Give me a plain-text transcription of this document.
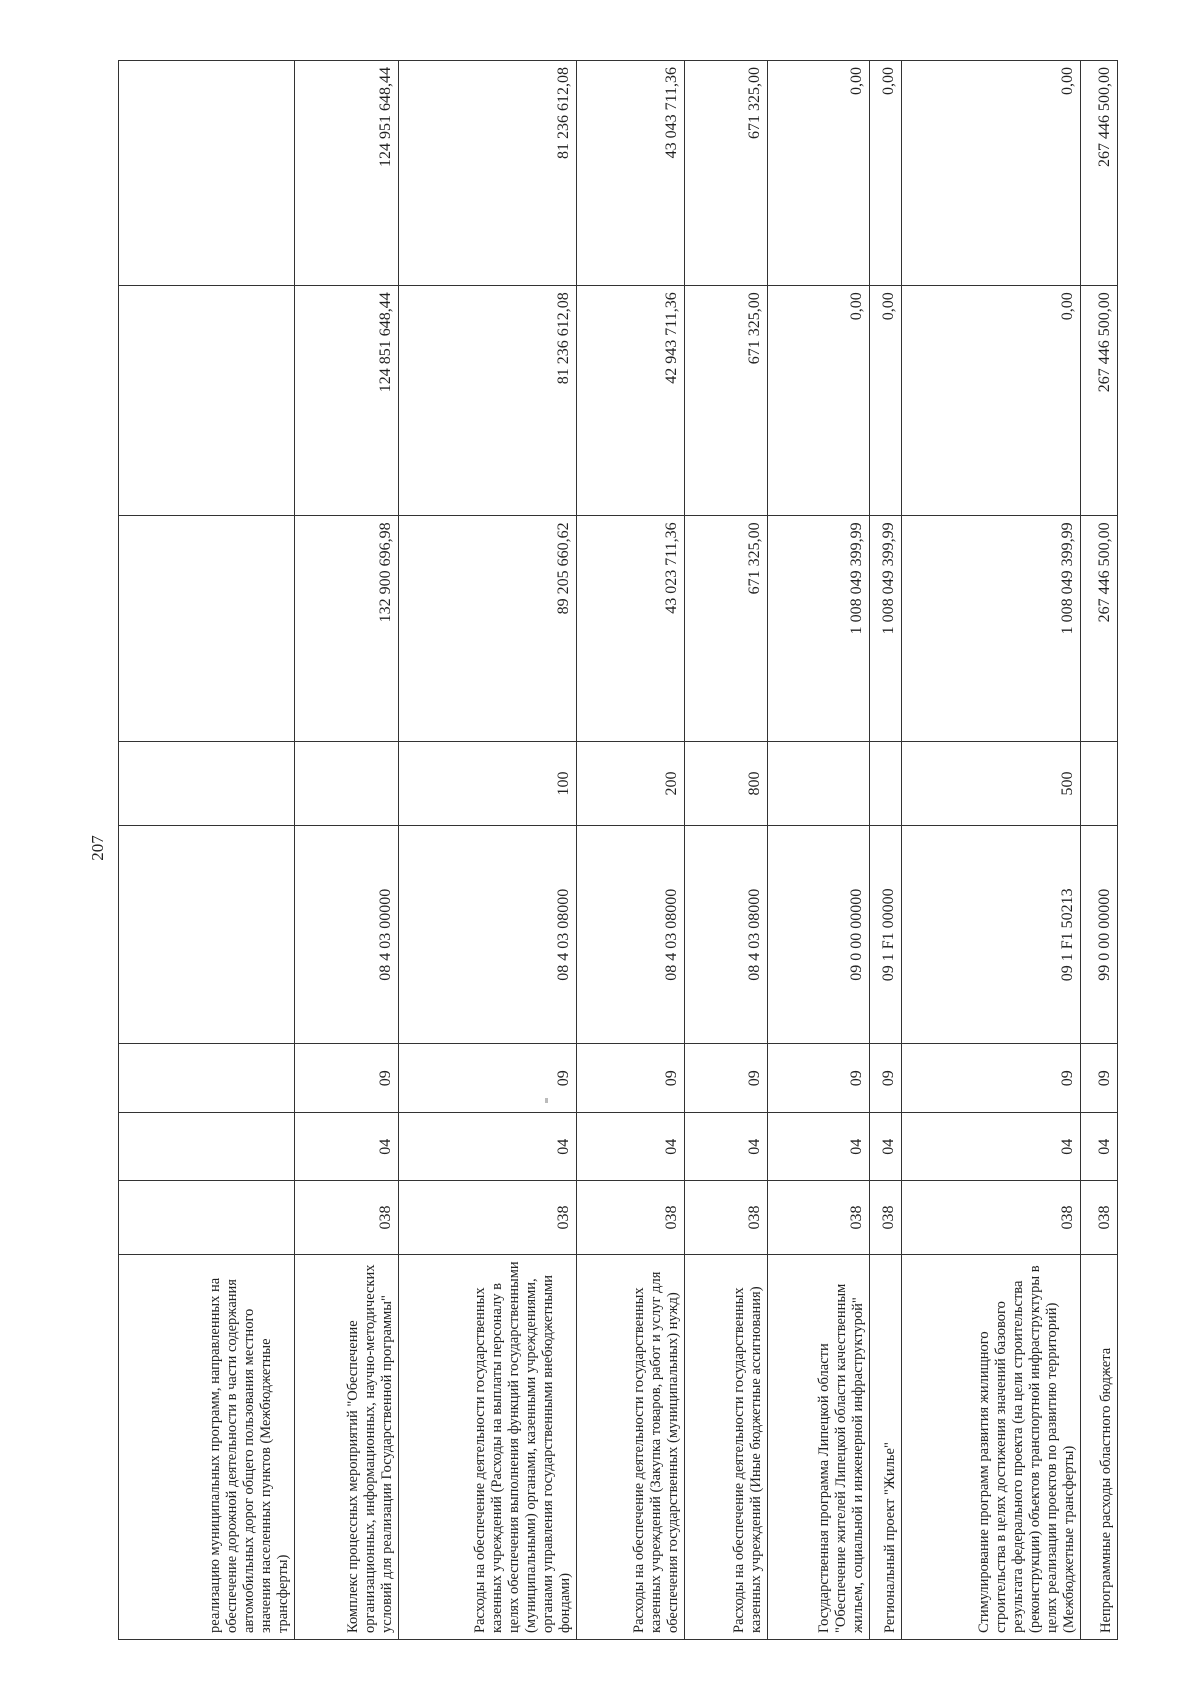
207
реализацию муниципальных программ, направленных на обеспечение дорожной деятельности в части содержания автомобильных дорог общего пользования местного значения населенных пунктов (Межбюджетные трансферты)								
Комплекс процессных мероприятий "Обеспечение организационных, информационных, научно-методических условий для реализации Государственной программы"	038	04	09	08 4 03 00000		132 900 696,98	124 851 648,44	124 951 648,44
Расходы на обеспечение деятельности государственных казенных учреждений (Расходы на выплаты персоналу в целях обеспечения выполнения функций государственными (муниципальными) органами, казенными учреждениями, органами управления государственными внебюджетными фондами)	038	04	09	08 4 03 08000	100	89 205 660,62	81 236 612,08	81 236 612,08
Расходы на обеспечение деятельности государственных казенных учреждений (Закупка товаров, работ и услуг для обеспечения государственных (муниципальных) нужд)	038	04	09	08 4 03 08000	200	43 023 711,36	42 943 711,36	43 043 711,36
Расходы на обеспечение деятельности государственных казенных учреждений (Иные бюджетные ассигнования)	038	04	09	08 4 03 08000	800	671 325,00	671 325,00	671 325,00
Государственная программа Липецкой области "Обеспечение жителей Липецкой области качественным жильем, социальной и инженерной инфраструктурой"	038	04	09	09 0 00 00000		1 008 049 399,99	0,00	0,00
Региональный проект "Жилье"	038	04	09	09 1 F1 00000		1 008 049 399,99	0,00	0,00
Стимулирование программ развития жилищного строительства в целях достижения значений базового результата федерального проекта (на цели строительства (реконструкции) объектов транспортной инфраструктуры в целях реализации проектов по развитию территорий) (Межбюджетные трансферты)	038	04	09	09 1 F1 50213	500	1 008 049 399,99	0,00	0,00
Непрограммные расходы областного бюджета	038	04	09	99 0 00 00000		267 446 500,00	267 446 500,00	267 446 500,00
